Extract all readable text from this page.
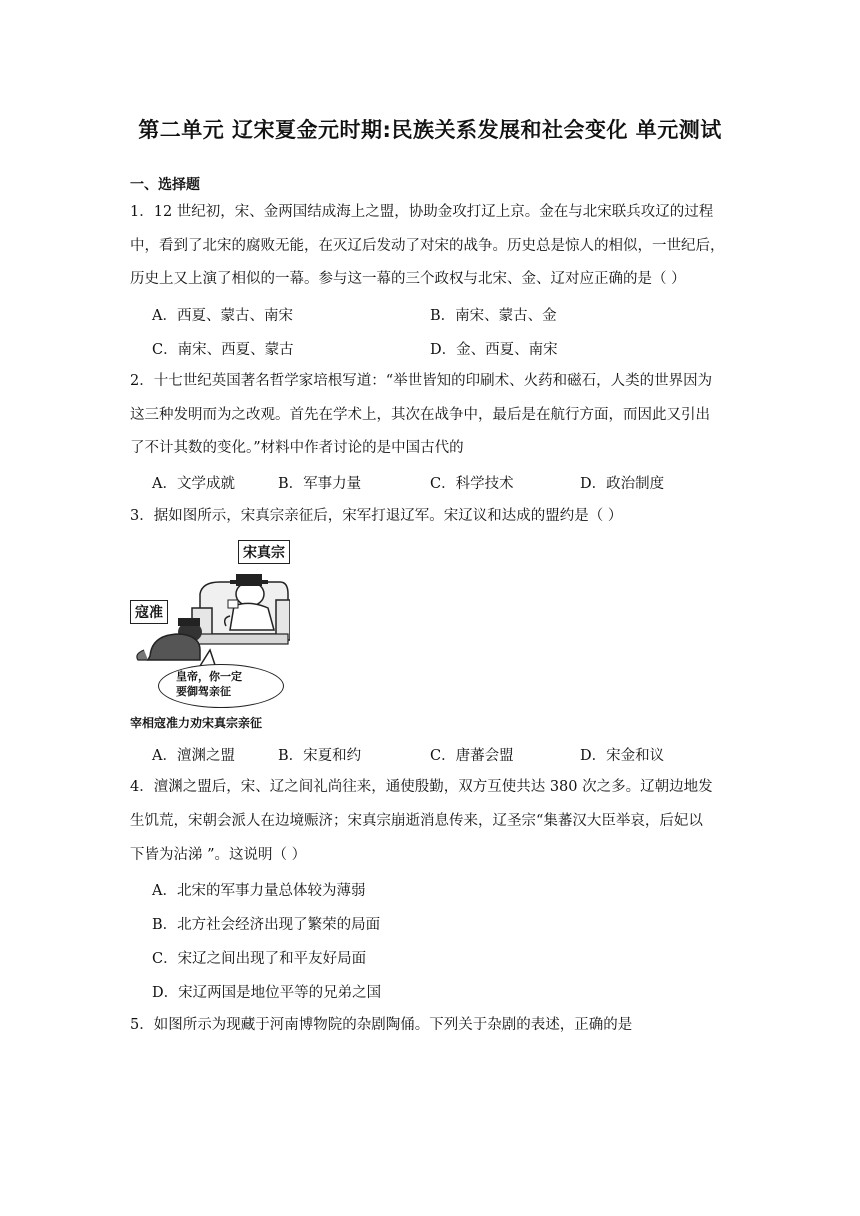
第二单元 辽宋夏金元时期:民族关系发展和社会变化 单元测试
一、选择题
1．12 世纪初，宋、金两国结成海上之盟，协助金攻打辽上京。金在与北宋联兵攻辽的过程
中，看到了北宋的腐败无能，在灭辽后发动了对宋的战争。历史总是惊人的相似，一世纪后，
历史上又上演了相似的一幕。参与这一幕的三个政权与北宋、金、辽对应正确的是（ ）
A．西夏、蒙古、南宋	B．南宋、蒙古、金
C．南宋、西夏、蒙古	D．金、西夏、南宋
2．十七世纪英国著名哲学家培根写道：“举世皆知的印刷术、火药和磁石，人类的世界因为
这三种发明而为之改观。首先在学术上，其次在战争中，最后是在航行方面，而因此又引出
了不计其数的变化。”材料中作者讨论的是中国古代的
A．文学成就	B．军事力量	C．科学技术	D．政治制度
3．据如图所示，宋真宗亲征后，宋军打退辽军。宋辽议和达成的盟约是（ ）
宋真宗
寇准
皇帝，你一定
要御驾亲征
宰相寇准力劝宋真宗亲征
A．澶渊之盟	B．宋夏和约	C．唐蕃会盟	D．宋金和议
4．澶渊之盟后，宋、辽之间礼尚往来，通使殷勤，双方互使共达 380 次之多。辽朝边地发
生饥荒，宋朝会派人在边境赈济；宋真宗崩逝消息传来，辽圣宗“集蕃汉大臣举哀，后妃以
下皆为沾涕 ”。这说明（ ）
A．北宋的军事力量总体较为薄弱
B．北方社会经济出现了繁荣的局面
C．宋辽之间出现了和平友好局面
D．宋辽两国是地位平等的兄弟之国
5．如图所示为现藏于河南博物院的杂剧陶俑。下列关于杂剧的表述，正确的是
